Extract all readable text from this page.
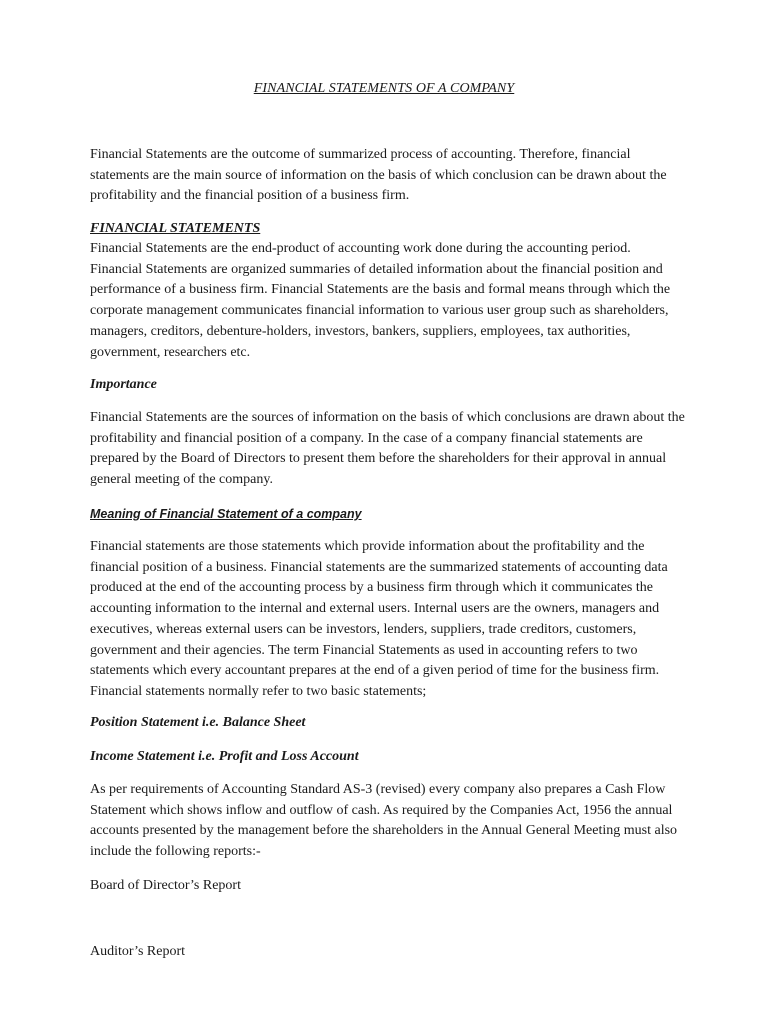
FINANCIAL STATEMENTS OF A COMPANY

Financial Statements are the outcome of summarized process of accounting. Therefore, financial statements are the main source of information on the basis of which conclusion can be drawn about the profitability and the financial position of a business firm.

FINANCIAL STATEMENTS

Financial Statements are the end-product of accounting work done during the accounting period. Financial Statements are organized summaries of detailed information about the financial position and performance of a business firm. Financial Statements are the basis and formal means through which the corporate management communicates financial information to various user group such as shareholders, managers, creditors, debenture-holders, investors, bankers, suppliers, employees, tax authorities, government, researchers etc.

Importance

Financial Statements are the sources of information on the basis of which conclusions are drawn about the profitability and financial position of a company. In the case of a company financial statements are prepared by the Board of Directors to present them before the shareholders for their approval in annual general meeting of the company.

Meaning of Financial Statement of a company

Financial statements are those statements which provide information about the profitability and the financial position of a business. Financial statements are the summarized statements of accounting data produced at the end of the accounting process by a business firm through which it communicates the accounting information to the internal and external users. Internal users are the owners, managers and executives, whereas external users can be investors, lenders, suppliers, trade creditors, customers, government and their agencies. The term Financial Statements as used in accounting refers to two statements which every accountant prepares at the end of a given period of time for the business firm. Financial statements normally refer to two basic statements;

Position Statement i.e. Balance Sheet
Income Statement i.e. Profit and Loss Account

As per requirements of Accounting Standard AS-3 (revised) every company also prepares a Cash Flow Statement which shows inflow and outflow of cash. As required by the Companies Act, 1956 the annual accounts presented by the management before the shareholders in the Annual General Meeting must also include the following reports:-

Board of Director’s Report
Auditor’s Report
